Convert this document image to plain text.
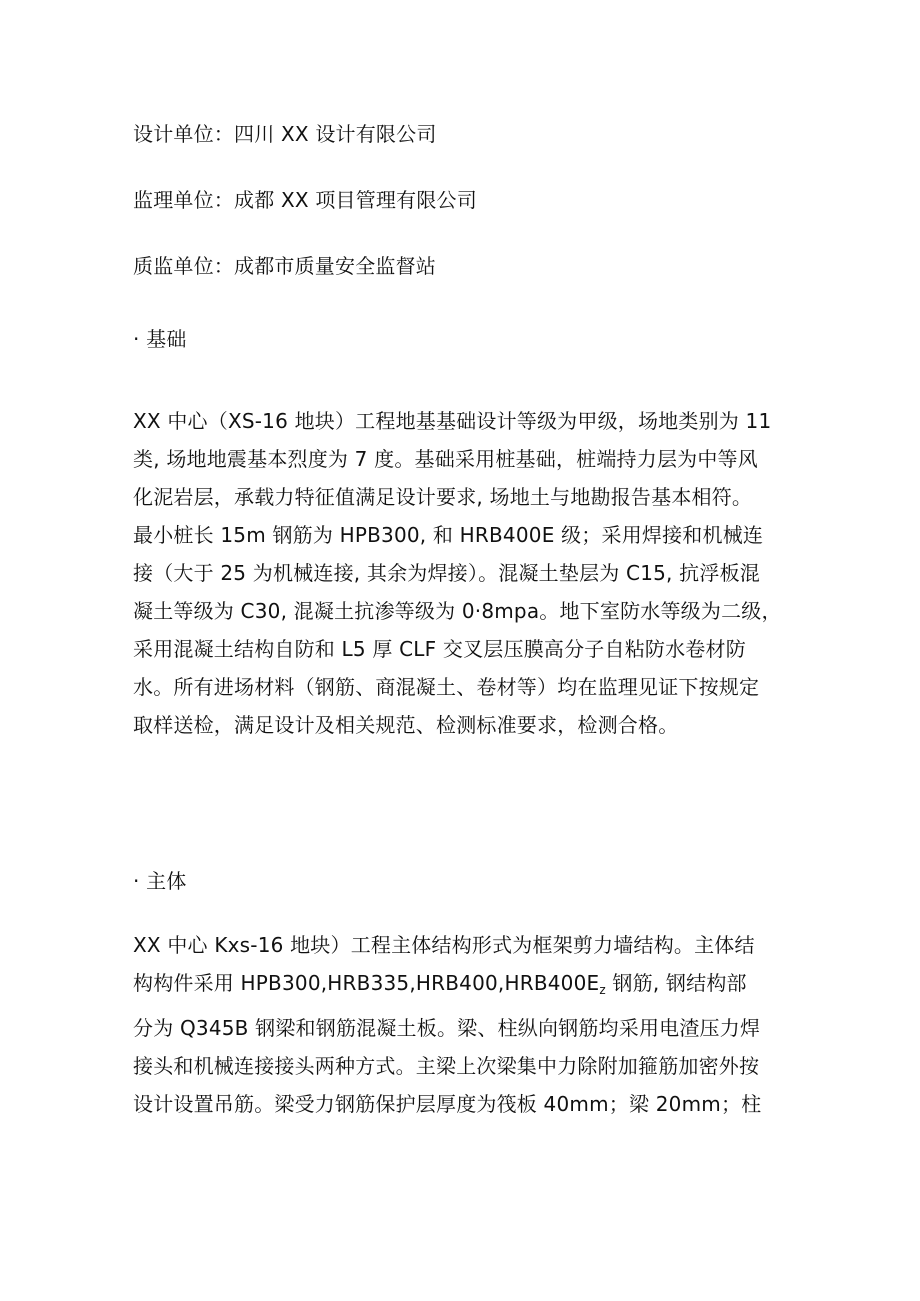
设计单位：四川 XX 设计有限公司
监理单位：成都 XX 项目管理有限公司
质监单位：成都市质量安全监督站
· 基础
XX 中心（XS-16 地块）工程地基基础设计等级为甲级，场地类别为 11
类, 场地地震基本烈度为 7 度。基础采用桩基础，桩端持力层为中等风
化泥岩层，承载力特征值满足设计要求, 场地土与地勘报告基本相符。
最小桩长 15m 钢筋为 HPB300, 和 HRB400E 级；采用焊接和机械连
接（大于 25 为机械连接, 其余为焊接）。混凝土垫层为 C15, 抗浮板混
凝土等级为 C30, 混凝土抗渗等级为 0·8mpa。地下室防水等级为二级，
采用混凝土结构自防和 L5 厚 CLF 交叉层压膜高分子自粘防水卷材防
水。所有进场材料（钢筋、商混凝土、卷材等）均在监理见证下按规定
取样送检，满足设计及相关规范、检测标准要求，检测合格。
· 主体
XX 中心 Kxs-16 地块）工程主体结构形式为框架剪力墙结构。主体结
构构件采用 $HPB300,HRB335,HRB400,HRB400E_z$ 钢筋, 钢结构部
分为 Q345B 钢梁和钢筋混凝土板。梁、柱纵向钢筋均采用电渣压力焊
接头和机械连接接头两种方式。主梁上次梁集中力除附加箍筋加密外按
设计设置吊筋。梁受力钢筋保护层厚度为筏板 40mm；梁 20mm；柱
